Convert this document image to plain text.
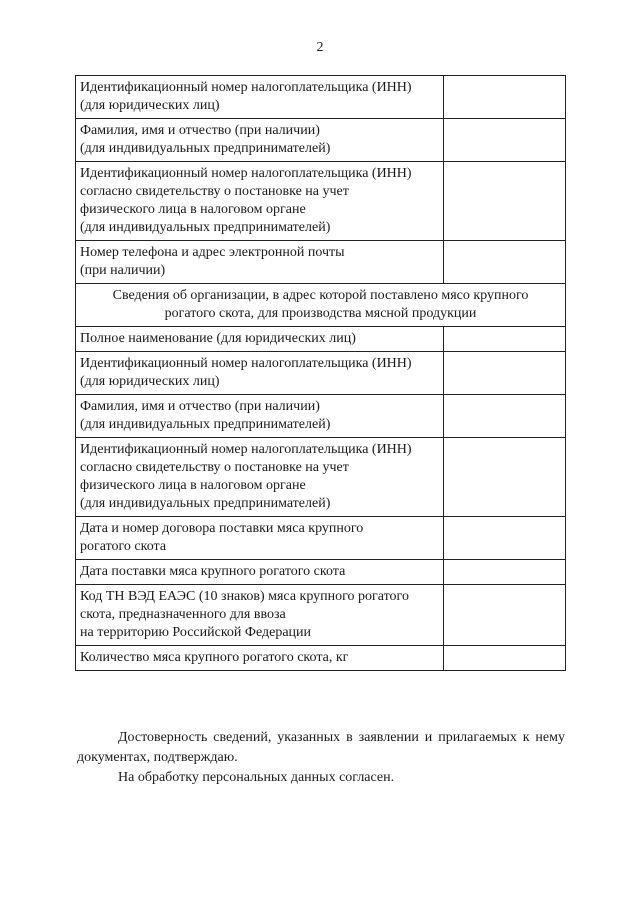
2
Идентификационный номер налогоплательщика (ИНН)
(для юридических лиц)	

Фамилия, имя и отчество (при наличии)
(для индивидуальных предпринимателей)	

Идентификационный номер налогоплательщика (ИНН)
согласно свидетельству о постановке на учет
физического лица в налоговом органе
(для индивидуальных предпринимателей)	

Номер телефона и адрес электронной почты
(при наличии)	

Сведения об организации, в адрес которой поставлено мясо крупного
рогатого скота, для производства мясной продукции	

Полное наименование (для юридических лиц)	

Идентификационный номер налогоплательщика (ИНН)
(для юридических лиц)	

Фамилия, имя и отчество (при наличии)
(для индивидуальных предпринимателей)	

Идентификационный номер налогоплательщика (ИНН)
согласно свидетельству о постановке на учет
физического лица в налоговом органе
(для индивидуальных предпринимателей)	

Дата и номер договора поставки мяса крупного
рогатого скота	

Дата поставки мяса крупного рогатого скота	

Код ТН ВЭД ЕАЭС (10 знаков) мяса крупного рогатого
скота, предназначенного для ввоза
на территорию Российской Федерации	

Количество мяса крупного рогатого скота, кг	

Достоверность сведений, указанных в заявлении и прилагаемых к нему документах, подтверждаю.

На обработку персональных данных согласен.
